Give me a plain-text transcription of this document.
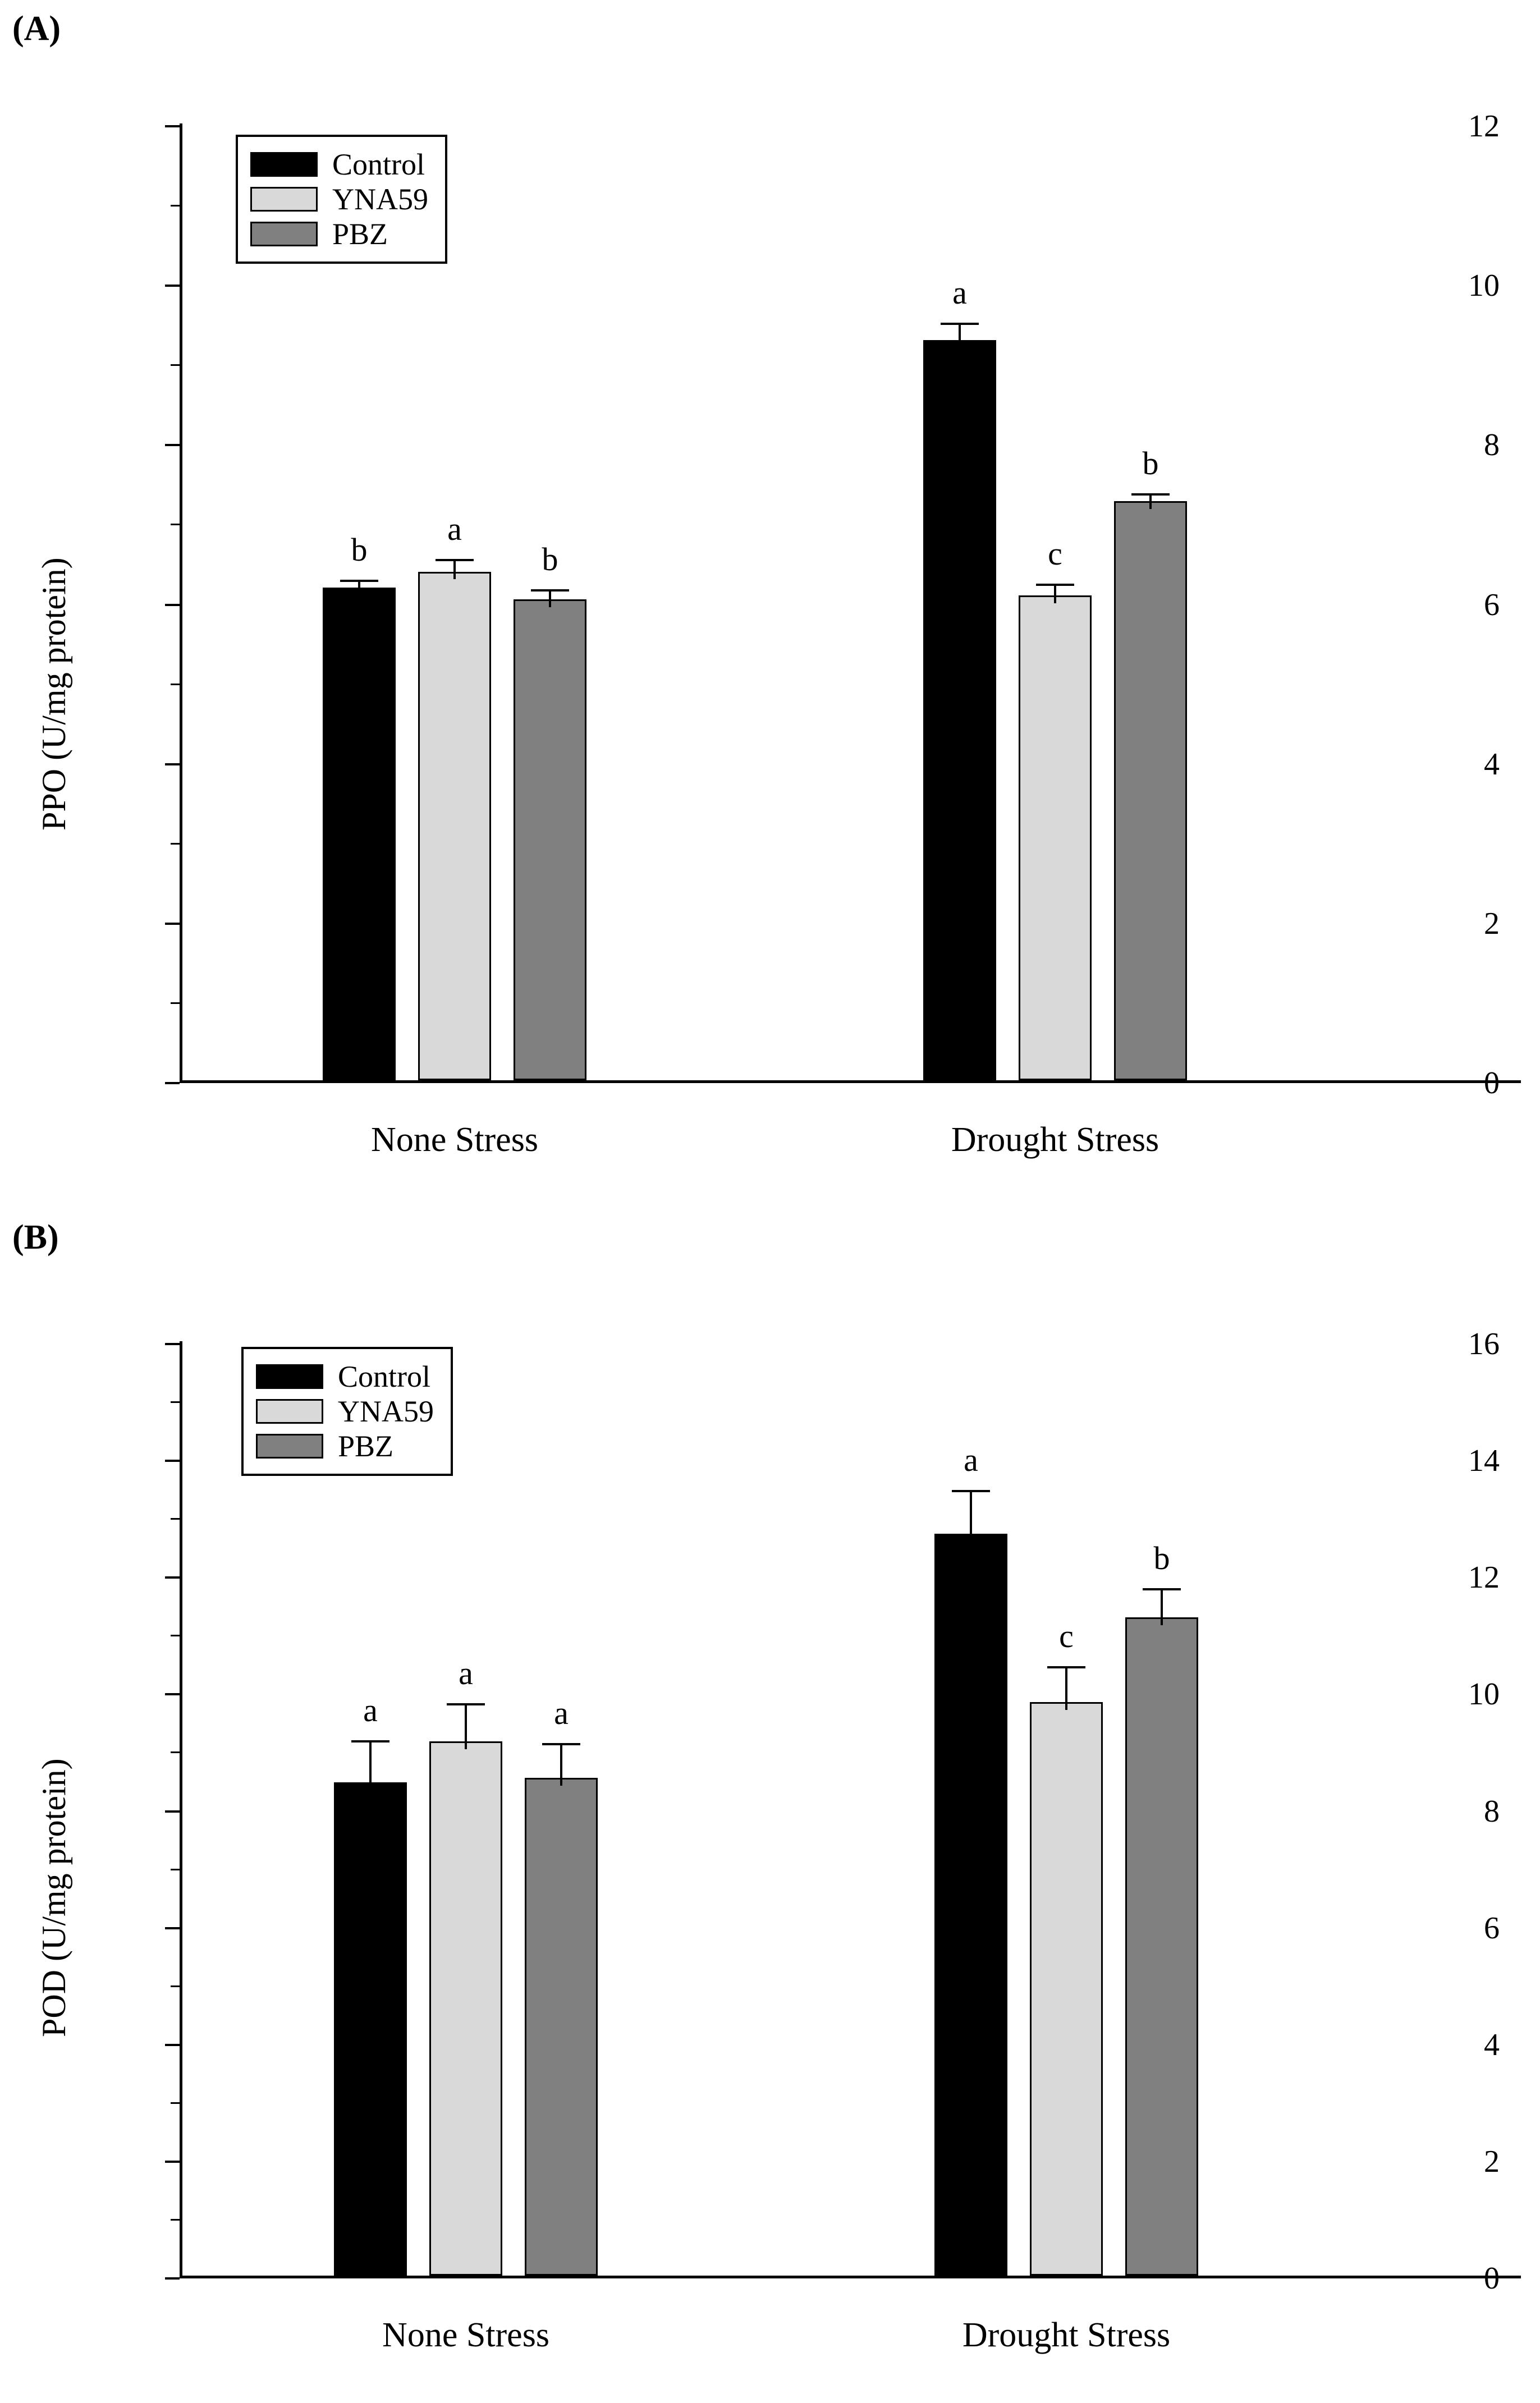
(A)
PPO (U/mg protein)
0
2
4
6
8
10
12
b
a
b
a
c
b
None Stress	Drought Stress
Control
YNA59
PBZ
(B)
POD (U/mg protein)
0
2
4
6
8
10
12
14
16
a
a
a
a
c
b
None Stress	Drought Stress
Control
YNA59
PBZ
